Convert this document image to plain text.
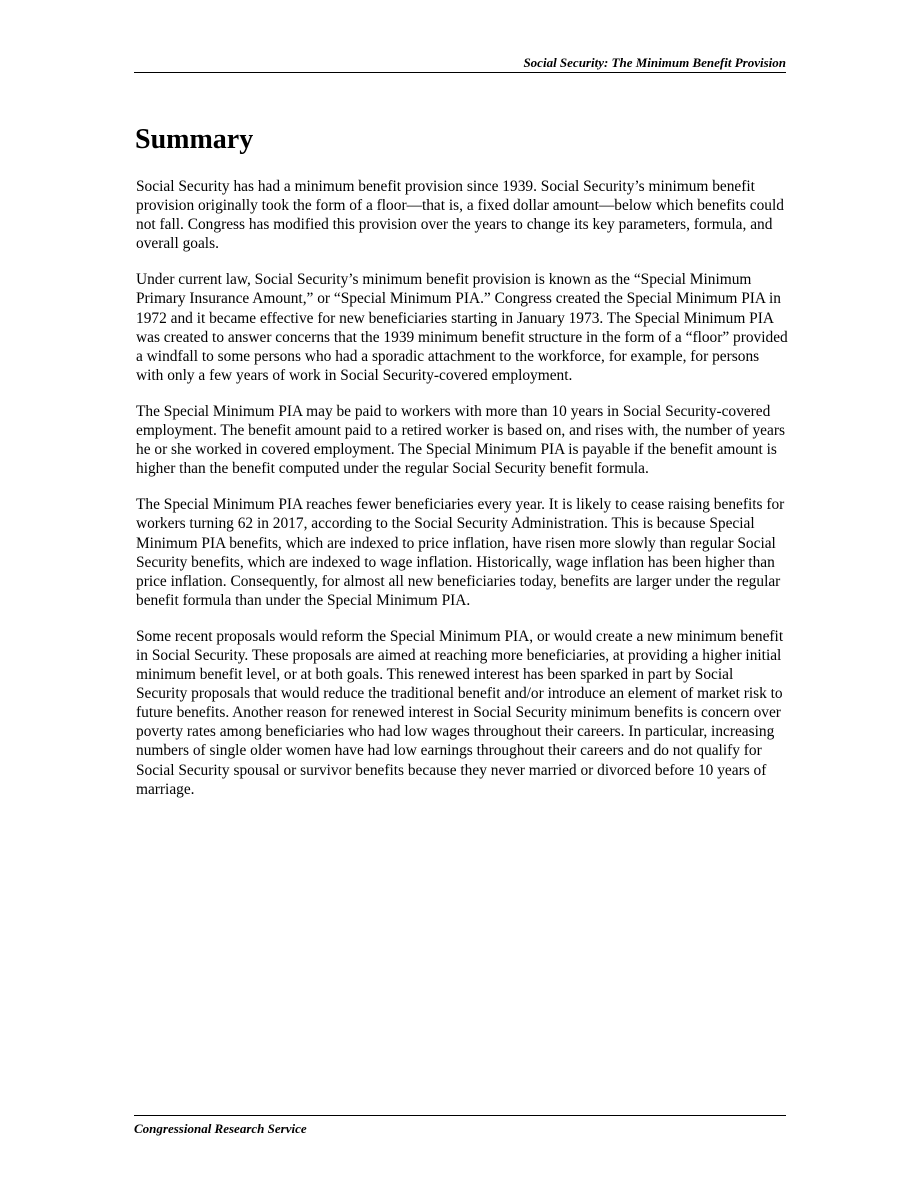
Social Security: The Minimum Benefit Provision
Summary

Social Security has had a minimum benefit provision since 1939. Social Security’s minimum benefit provision originally took the form of a floor—that is, a fixed dollar amount—below which benefits could not fall. Congress has modified this provision over the years to change its key parameters, formula, and overall goals.

Under current law, Social Security’s minimum benefit provision is known as the “Special Minimum Primary Insurance Amount,” or “Special Minimum PIA.” Congress created the Special Minimum PIA in 1972 and it became effective for new beneficiaries starting in January 1973. The Special Minimum PIA was created to answer concerns that the 1939 minimum benefit structure in the form of a “floor” provided a windfall to some persons who had a sporadic attachment to the workforce, for example, for persons with only a few years of work in Social Security-covered employment.

The Special Minimum PIA may be paid to workers with more than 10 years in Social Security-covered employment. The benefit amount paid to a retired worker is based on, and rises with, the number of years he or she worked in covered employment. The Special Minimum PIA is payable if the benefit amount is higher than the benefit computed under the regular Social Security benefit formula.

The Special Minimum PIA reaches fewer beneficiaries every year. It is likely to cease raising benefits for workers turning 62 in 2017, according to the Social Security Administration. This is because Special Minimum PIA benefits, which are indexed to price inflation, have risen more slowly than regular Social Security benefits, which are indexed to wage inflation. Historically, wage inflation has been higher than price inflation. Consequently, for almost all new beneficiaries today, benefits are larger under the regular benefit formula than under the Special Minimum PIA.

Some recent proposals would reform the Special Minimum PIA, or would create a new minimum benefit in Social Security. These proposals are aimed at reaching more beneficiaries, at providing a higher initial minimum benefit level, or at both goals. This renewed interest has been sparked in part by Social Security proposals that would reduce the traditional benefit and/or introduce an element of market risk to future benefits. Another reason for renewed interest in Social Security minimum benefits is concern over poverty rates among beneficiaries who had low wages throughout their careers. In particular, increasing numbers of single older women have had low earnings throughout their careers and do not qualify for Social Security spousal or survivor benefits because they never married or divorced before 10 years of marriage.

Congressional Research Service
